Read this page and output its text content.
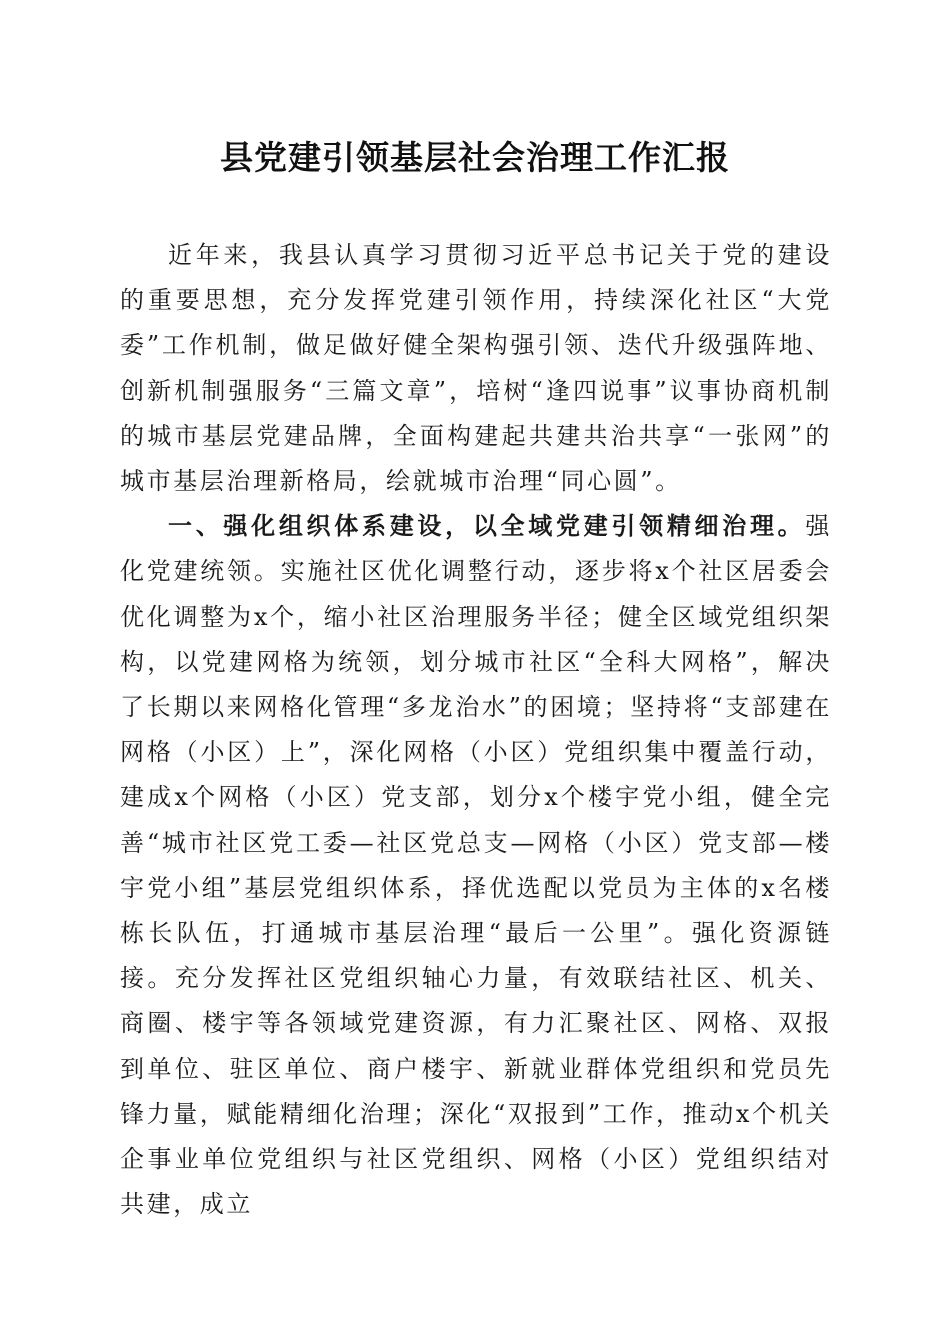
县党建引领基层社会治理工作汇报

近年来，我县认真学习贯彻习近平总书记关于党的建设的重要思想，充分发挥党建引领作用，持续深化社区“大党委”工作机制，做足做好健全架构强引领、迭代升级强阵地、创新机制强服务“三篇文章”，培树“逢四说事”议事协商机制的城市基层党建品牌，全面构建起共建共治共享“一张网”的城市基层治理新格局，绘就城市治理“同心圆”。

一、强化组织体系建设，以全域党建引领精细治理。强化党建统领。实施社区优化调整行动，逐步将x个社区居委会优化调整为x个，缩小社区治理服务半径；健全区域党组织架构，以党建网格为统领，划分城市社区“全科大网格”，解决了长期以来网格化管理“多龙治水”的困境；坚持将“支部建在网格（小区）上”，深化网格（小区）党组织集中覆盖行动，建成x个网格（小区）党支部，划分x个楼宇党小组，健全完善“城市社区党工委—社区党总支—网格（小区）党支部—楼宇党小组”基层党组织体系，择优选配以党员为主体的x名楼栋长队伍，打通城市基层治理“最后一公里”。强化资源链接。充分发挥社区党组织轴心力量，有效联结社区、机关、商圈、楼宇等各领域党建资源，有力汇聚社区、网格、双报到单位、驻区单位、商户楼宇、新就业群体党组织和党员先锋力量，赋能精细化治理；深化“双报到”工作，推动x个机关企事业单位党组织与社区党组织、网格（小区）党组织结对共建，成立
